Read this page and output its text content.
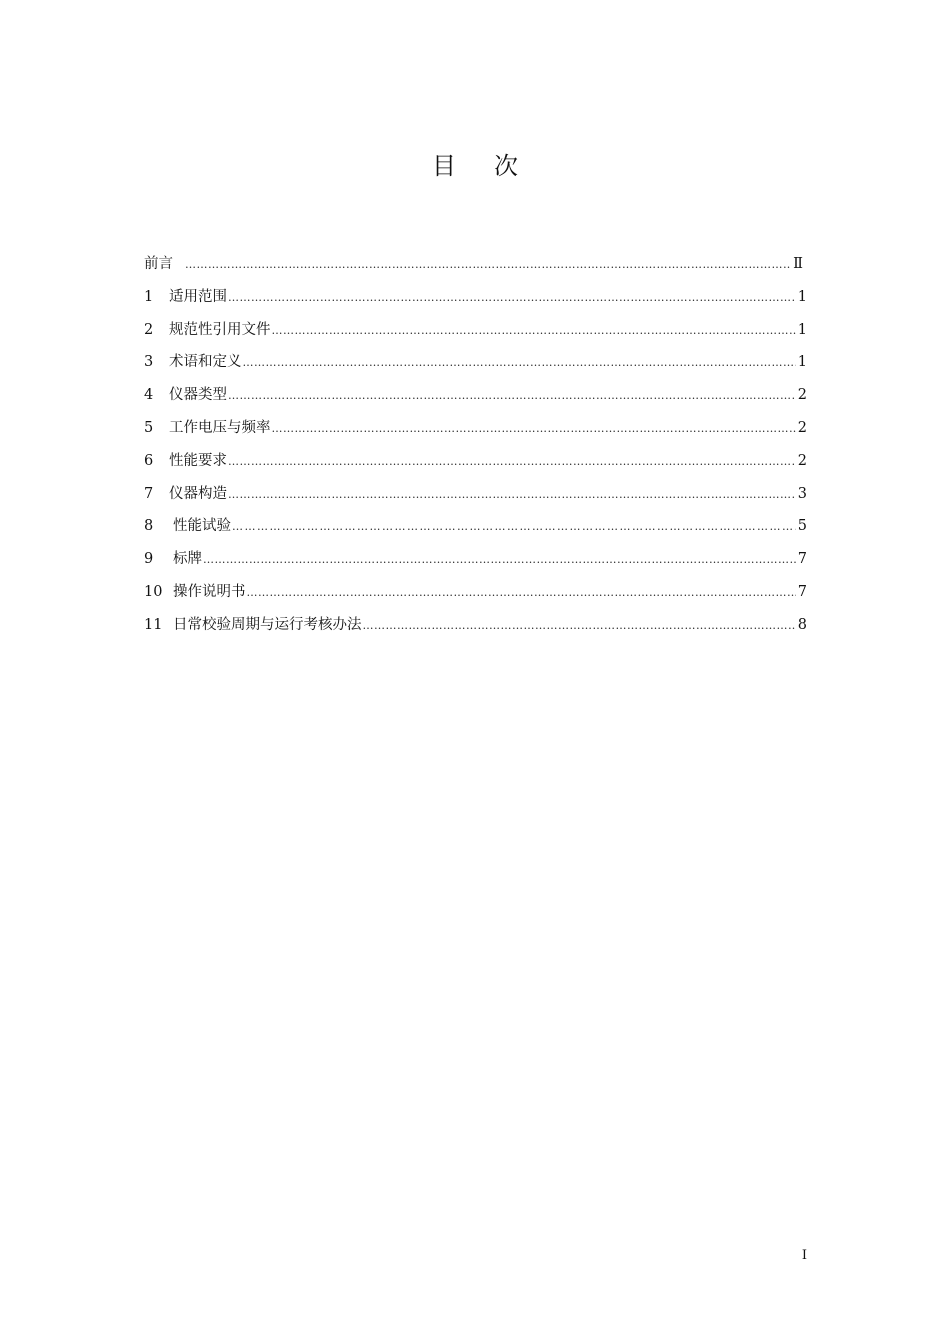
目次
前言 ……………………………………………………………………………………………………………………………………………………………………………………………………………………………………………	Ⅱ
1	适用范围 ……………………………………………………………………………………………………………………………………………………………………………………………………………………………………………	1
2	规范性引用文件 ……………………………………………………………………………………………………………………………………………………………………………………………………………………………………………	1
3	术语和定义 ……………………………………………………………………………………………………………………………………………………………………………………………………………………………………………	1
4	仪器类型 ……………………………………………………………………………………………………………………………………………………………………………………………………………………………………………	2
5	工作电压与频率 ……………………………………………………………………………………………………………………………………………………………………………………………………………………………………………	2
6	性能要求 ……………………………………………………………………………………………………………………………………………………………………………………………………………………………………………	2
7	仪器构造 ……………………………………………………………………………………………………………………………………………………………………………………………………………………………………………	3
8	性能试验 ……………………………………………………………………………………………………………………………………………………………………………………………………………………………………………	5
9	标牌 ……………………………………………………………………………………………………………………………………………………………………………………………………………………………………………	7
10 操作说明书 ……………………………………………………………………………………………………………………………………………………………………………………………………………………………………………	7
11 日常校验周期与运行考核办法 ……………………………………………………………………………………………………………………………………………………………………………………………………………………………………………	8
I
